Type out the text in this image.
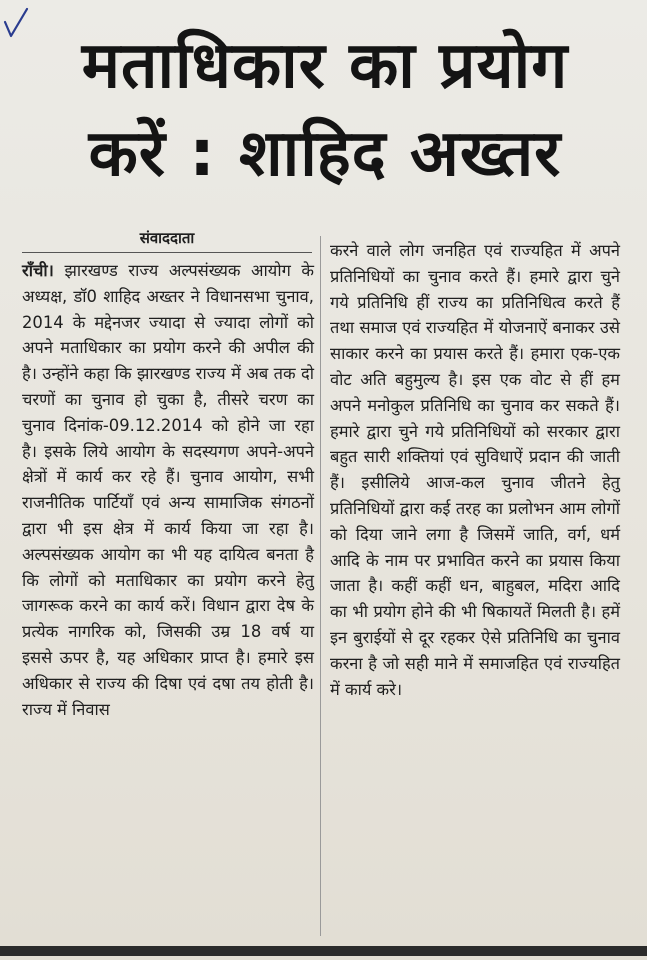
मताधिकार का प्रयोग
करें : शाहिद अख्तर
संवाददाता

राँची। झारखण्ड राज्य अल्पसंख्यक आयोग के अध्यक्ष, डॉ0 शाहिद अख्तर ने विधानसभा चुनाव, 2014 के मद्देनजर ज्यादा से ज्यादा लोगों को अपने मताधिकार का प्रयोग करने की अपील की है। उन्होंने कहा कि झारखण्ड राज्य में अब तक दो चरणों का चुनाव हो चुका है, तीसरे चरण का चुनाव दिनांक-09.12.2014 को होने जा रहा है। इसके लिये आयोग के सदस्यगण अपने-अपने क्षेत्रों में कार्य कर रहे हैं। चुनाव आयोग, सभी राजनीतिक पार्टियाँ एवं अन्य सामाजिक संगठनों द्वारा भी इस क्षेत्र में कार्य किया जा रहा है। अल्पसंख्यक आयोग का भी यह दायित्व बनता है कि लोगों को मताधिकार का प्रयोग करने हेतु जागरूक करने का कार्य करें। विधान द्वारा देष के प्रत्येक नागरिक को, जिसकी उम्र 18 वर्ष या इससे ऊपर है, यह अधिकार प्राप्त है। हमारे इस अधिकार से राज्य की दिषा एवं दषा तय होती है। राज्य में निवास

करने वाले लोग जनहित एवं राज्यहित में अपने प्रतिनिधियों का चुनाव करते हैं। हमारे द्वारा चुने गये प्रतिनिधि हीं राज्य का प्रतिनिधित्व करते हैं तथा समाज एवं राज्यहित में योजनाऐं बनाकर उसे साकार करने का प्रयास करते हैं। हमारा एक-एक वोट अति बहुमुल्य है। इस एक वोट से हीं हम अपने मनोकुल प्रतिनिधि का चुनाव कर सकते हैं। हमारे द्वारा चुने गये प्रतिनिधियों को सरकार द्वारा बहुत सारी शक्तियां एवं सुविधाऐं प्रदान की जाती हैं। इसीलिये आज-कल चुनाव जीतने हेतु प्रतिनिधियों द्वारा कई तरह का प्रलोभन आम लोगों को दिया जाने लगा है जिसमें जाति, वर्ग, धर्म आदि के नाम पर प्रभावित करने का प्रयास किया जाता है। कहीं कहीं धन, बाहुबल, मदिरा आदि का भी प्रयोग होने की भी षिकायतें मिलती है। हमें इन बुराईयों से दूर रहकर ऐसे प्रतिनिधि का चुनाव करना है जो सही माने में समाजहित एवं राज्यहित में कार्य करे।
